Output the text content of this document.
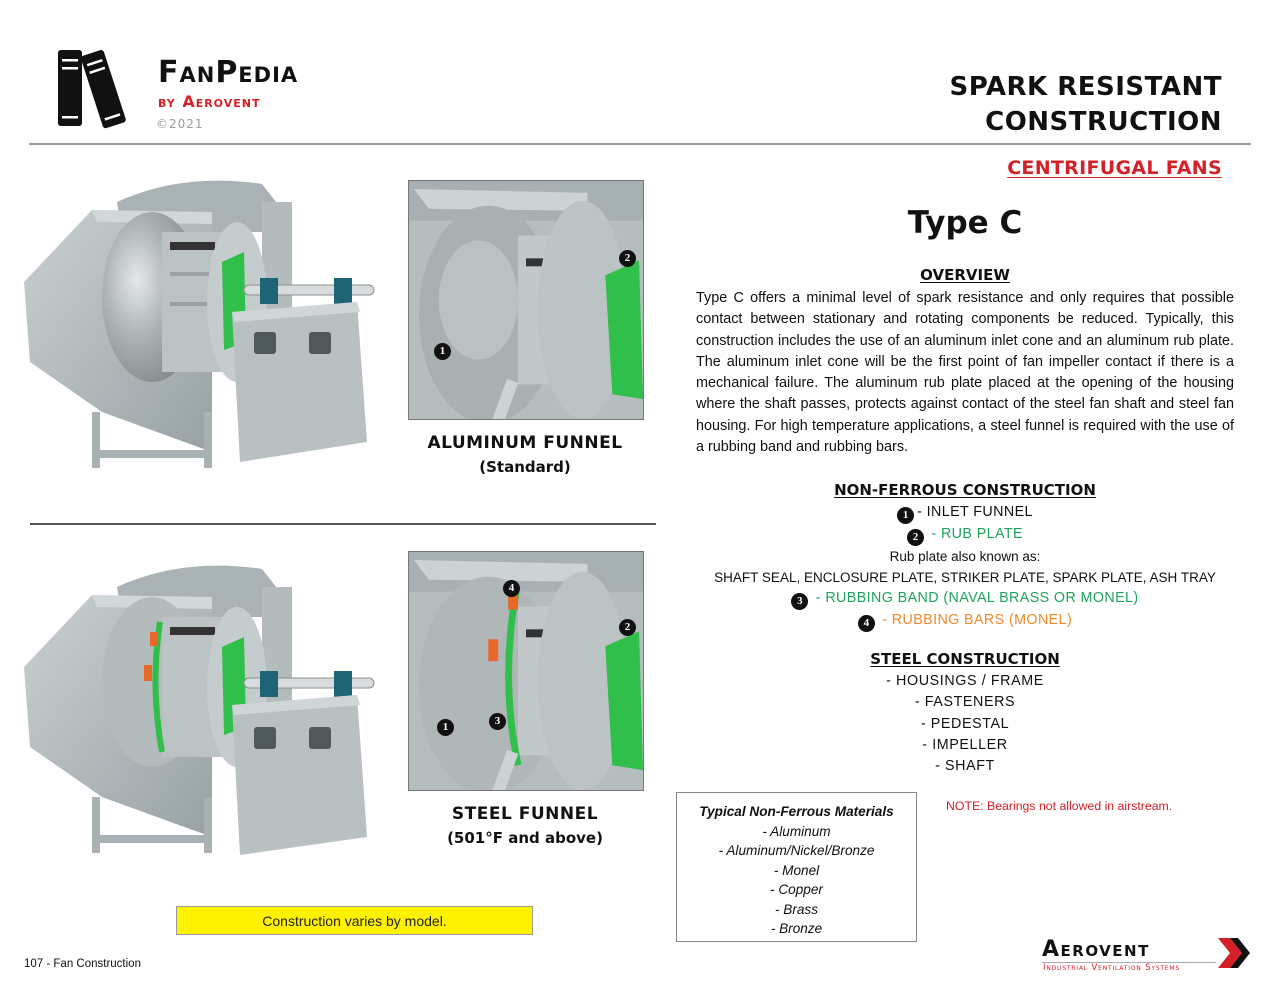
FanPedia
by Aerovent
©2021
SPARK RESISTANT
CONSTRUCTION
CENTRIFUGAL FANS
1
2
ALUMINUM FUNNEL
(Standard)
1
2
3
4
STEEL FUNNEL
(501°F and above)
Type C
OVERVIEW
Type C offers a minimal level of spark resistance and only requires that possible contact between stationary and rotating components be reduced. Typically, this construction includes the use of an aluminum inlet cone and an aluminum rub plate. The aluminum inlet cone will be the first point of fan impeller contact if there is a mechanical failure. The aluminum rub plate placed at the opening of the housing where the shaft passes, protects against contact of the steel fan shaft and steel fan housing. For high temperature applications, a steel funnel is required with the use of a rubbing band and rubbing bars.
NON-FERROUS CONSTRUCTION
1 - INLET FUNNEL
2 - RUB PLATE
Rub plate also known as:
SHAFT SEAL, ENCLOSURE PLATE, STRIKER PLATE, SPARK PLATE, ASH TRAY
3 - RUBBING BAND (NAVAL BRASS OR MONEL)
4 - RUBBING BARS (MONEL)
STEEL CONSTRUCTION
- HOUSINGS / FRAME
- FASTENERS
- PEDESTAL
- IMPELLER
- SHAFT
NOTE: Bearings not allowed in airstream.
Typical Non-Ferrous Materials
- Aluminum
- Aluminum/Nickel/Bronze
- Monel
- Copper
- Brass
- Bronze
Construction varies by model.
107 - Fan Construction
Aerovent
Industrial Ventilation Systems
